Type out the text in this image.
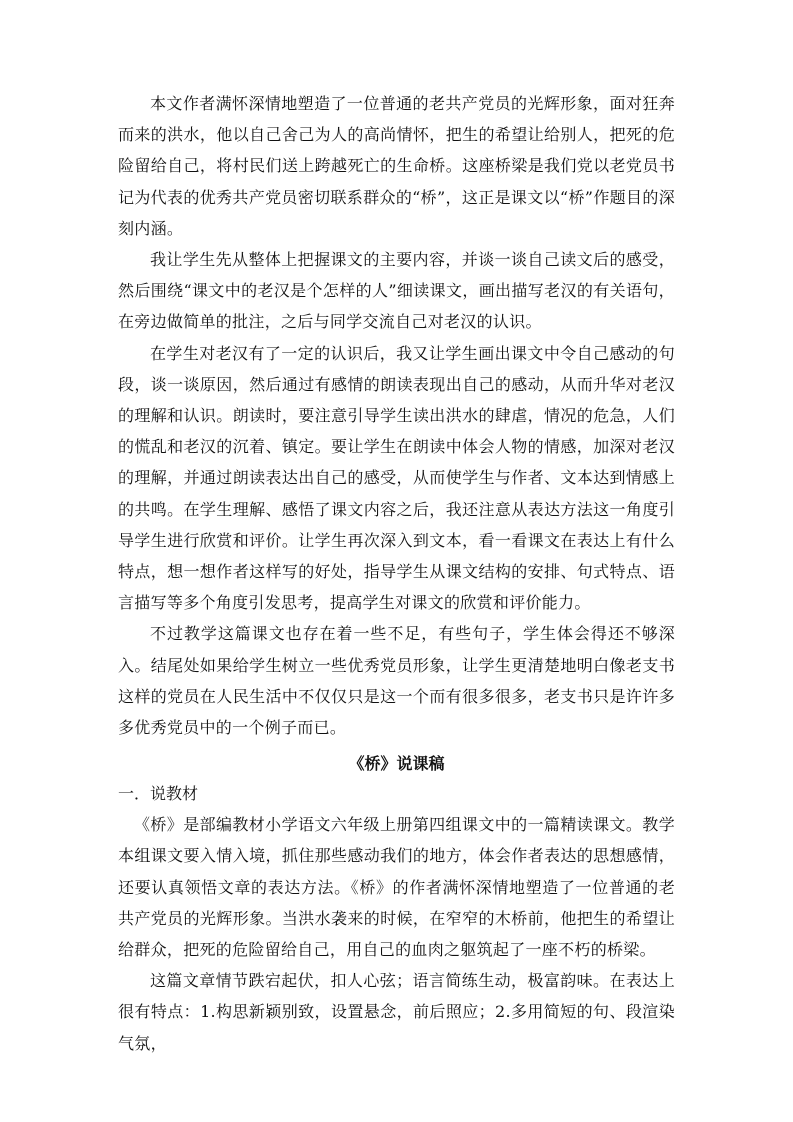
本文作者满怀深情地塑造了一位普通的老共产党员的光辉形象，面对狂奔而来的洪水，他以自己舍己为人的高尚情怀，把生的希望让给别人，把死的危险留给自己，将村民们送上跨越死亡的生命桥。这座桥梁是我们党以老党员书记为代表的优秀共产党员密切联系群众的“桥”，这正是课文以“桥”作题目的深刻内涵。

我让学生先从整体上把握课文的主要内容，并谈一谈自己读文后的感受，然后围绕“课文中的老汉是个怎样的人”细读课文，画出描写老汉的有关语句，在旁边做简单的批注，之后与同学交流自己对老汉的认识。

在学生对老汉有了一定的认识后，我又让学生画出课文中令自己感动的句段，谈一谈原因，然后通过有感情的朗读表现出自己的感动，从而升华对老汉的理解和认识。朗读时，要注意引导学生读出洪水的肆虐，情况的危急，人们的慌乱和老汉的沉着、镇定。要让学生在朗读中体会人物的情感，加深对老汉的理解，并通过朗读表达出自己的感受，从而使学生与作者、文本达到情感上的共鸣。在学生理解、感悟了课文内容之后，我还注意从表达方法这一角度引导学生进行欣赏和评价。让学生再次深入到文本，看一看课文在表达上有什么特点，想一想作者这样写的好处，指导学生从课文结构的安排、句式特点、语言描写等多个角度引发思考，提高学生对课文的欣赏和评价能力。

不过教学这篇课文也存在着一些不足，有些句子，学生体会得还不够深入。结尾处如果给学生树立一些优秀党员形象，让学生更清楚地明白像老支书这样的党员在人民生活中不仅仅只是这一个而有很多很多，老支书只是许许多多优秀党员中的一个例子而已。

《桥》说课稿

一．说教材

《桥》是部编教材小学语文六年级上册第四组课文中的一篇精读课文。教学本组课文要入情入境，抓住那些感动我们的地方，体会作者表达的思想感情，还要认真领悟文章的表达方法。《桥》的作者满怀深情地塑造了一位普通的老共产党员的光辉形象。当洪水袭来的时候，在窄窄的木桥前，他把生的希望让给群众，把死的危险留给自己，用自己的血肉之躯筑起了一座不朽的桥梁。

这篇文章情节跌宕起伏，扣人心弦；语言简练生动，极富韵味。在表达上很有特点：1.构思新颖别致，设置悬念，前后照应；2.多用简短的句、段渲染气氛，
